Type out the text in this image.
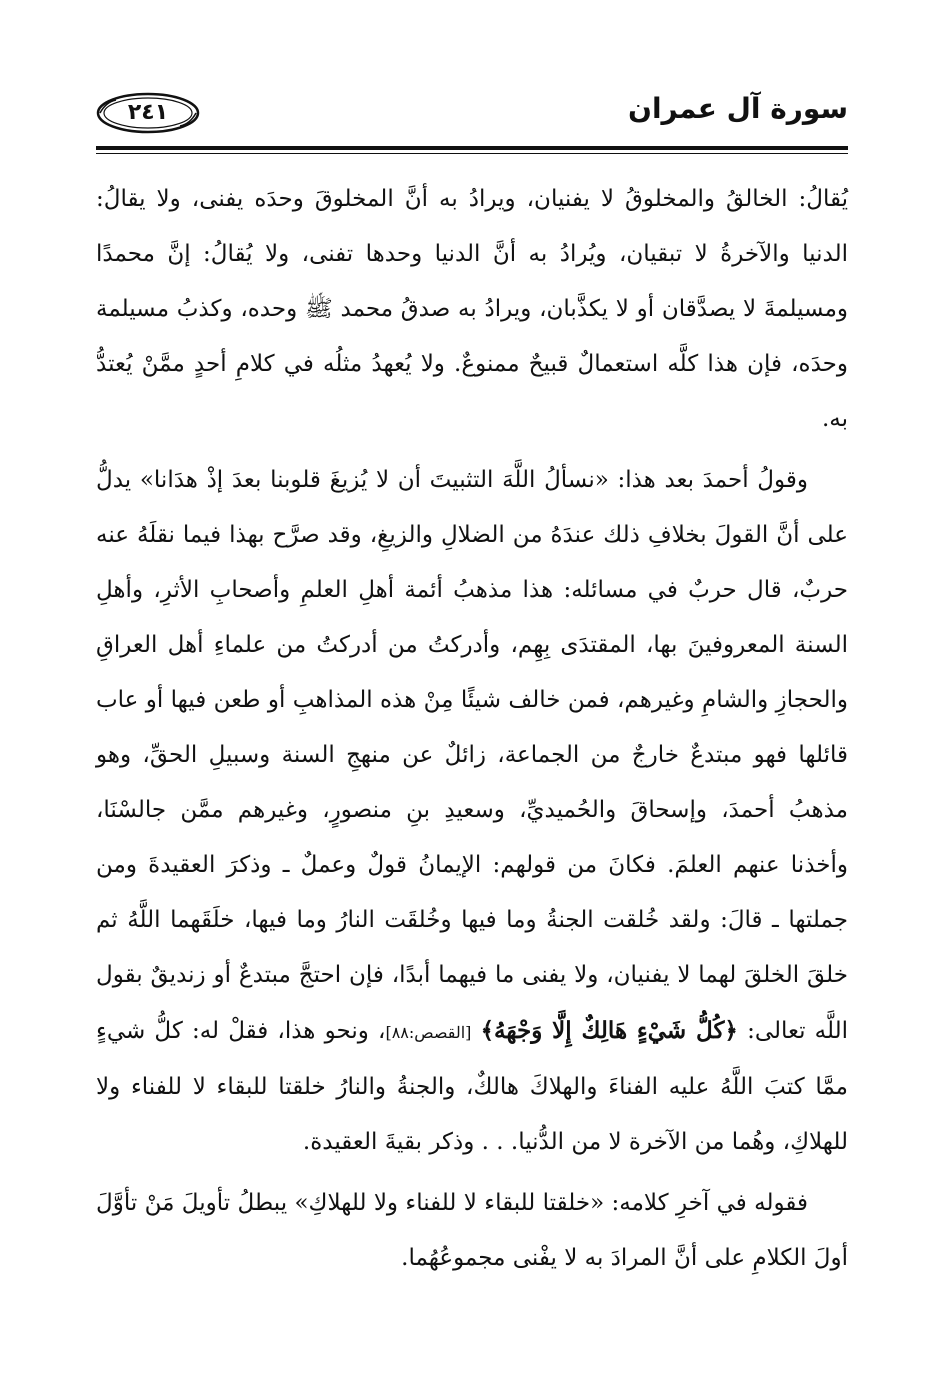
سورة آل عمران
٢٤١

يُقالُ: الخالقُ والمخلوقُ لا يفنيان، ويرادُ به أنَّ المخلوقَ وحدَه يفنى، ولا يقالُ: الدنيا والآخرةُ لا تبقيان، ويُرادُ به أنَّ الدنيا وحدها تفنى، ولا يُقالُ: إنَّ محمدًا ومسيلمةَ لا يصدَّقان أو لا يكذَّبان، ويرادُ به صدقُ محمد ﷺ وحده، وكذبُ مسيلمة وحدَه، فإن هذا كلَّه استعمالٌ قبيحٌ ممنوعٌ. ولا يُعهدُ مثلُه في كلامِ أحدٍ ممَّنْ يُعتدُّ به.

وقولُ أحمدَ بعد هذا: «نسألُ اللَّهَ التثبيتَ أن لا يُزيغَ قلوبنا بعدَ إذْ هدَانا» يدلُّ على أنَّ القولَ بخلافِ ذلك عندَهُ من الضلالِ والزيغِ، وقد صرَّح بهذا فيما نقلَهُ عنه حربٌ، قال حربٌ في مسائله: هذا مذهبُ أئمة أهلِ العلمِ وأصحابِ الأثرِ، وأهلِ السنة المعروفينَ بها، المقتدَى بِهِم، وأدركتُ من أدركتُ من علماءِ أهل العراقِ والحجازِ والشامِ وغيرهم، فمن خالف شيئًا مِنْ هذه المذاهبِ أو طعن فيها أو عاب قائلها فهو مبتدعٌ خارجٌ من الجماعة، زائلٌ عن منهجِ السنة وسبيلِ الحقِّ، وهو مذهبُ أحمدَ، وإسحاقَ والحُميديِّ، وسعيدِ بنِ منصورٍ، وغيرهم ممَّن جالسْنَا، وأخذنا عنهم العلمَ. فكانَ من قولهم: الإيمانُ قولٌ وعملٌ ـ وذكرَ العقيدةَ ومن جملتها ـ قالَ: ولقد خُلقت الجنةُ وما فيها وخُلقَت النارُ وما فيها، خلَقَهما اللَّهُ ثم خلقَ الخلقَ لهما لا يفنيان، ولا يفنى ما فيهما أبدًا، فإن احتجَّ مبتدعٌ أو زنديقٌ بقول اللَّه تعالى: ﴿كُلُّ شَيْءٍ هَالِكٌ إِلَّا وَجْهَهُ﴾ [القصص:٨٨]، ونحو هذا، فقلْ له: كلُّ شيءٍ ممَّا كتبَ اللَّهُ عليه الفناءَ والهلاكَ هالكٌ، والجنةُ والنارُ خلقتا للبقاء لا للفناء ولا للهلاكِ، وهُما من الآخرة لا من الدُّنيا. . . وذكر بقيةَ العقيدة.

فقوله في آخرِ كلامه: «خلقتا للبقاء لا للفناء ولا للهلاكِ» يبطلُ تأويلَ مَنْ تأوَّلَ أولَ الكلامِ على أنَّ المرادَ به لا يفْنى مجموعُهُما.
